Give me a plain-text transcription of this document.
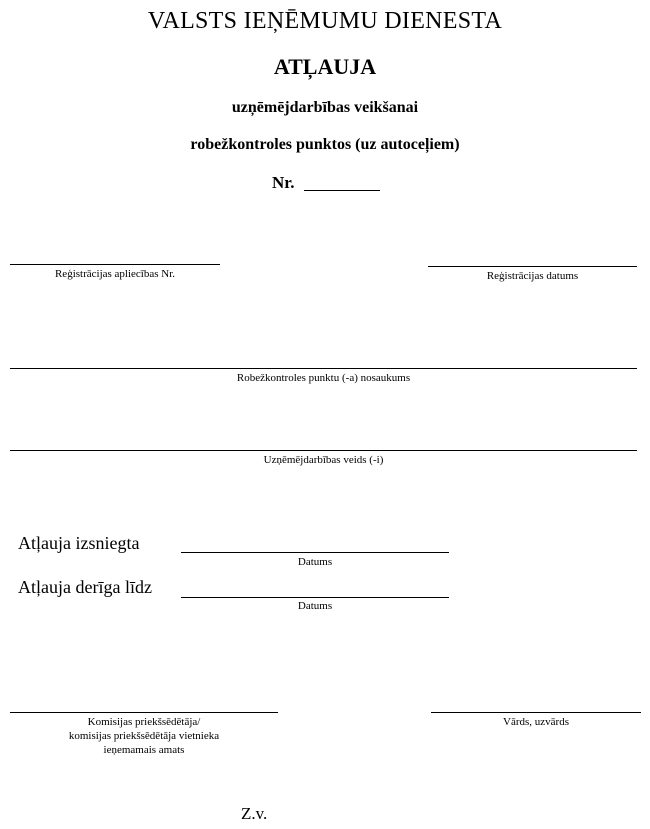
VALSTS IEŅĒMUMU DIENESTA
ATĻAUJA
uzņēmējdarbības veikšanai
robežkontroles punktos (uz autoceļiem)
Nr.
Reģistrācijas apliecības Nr.	Reģistrācijas datums
Robežkontroles punktu (-a) nosaukums
Uzņēmējdarbības veids (-i)
Atļauja izsniegta
Datums
Atļauja derīga līdz
Datums
Komisijas priekšsēdētāja/
komisijas priekšsēdētāja vietnieka
ieņemamais amats
Vārds, uzvārds
Z.v.
